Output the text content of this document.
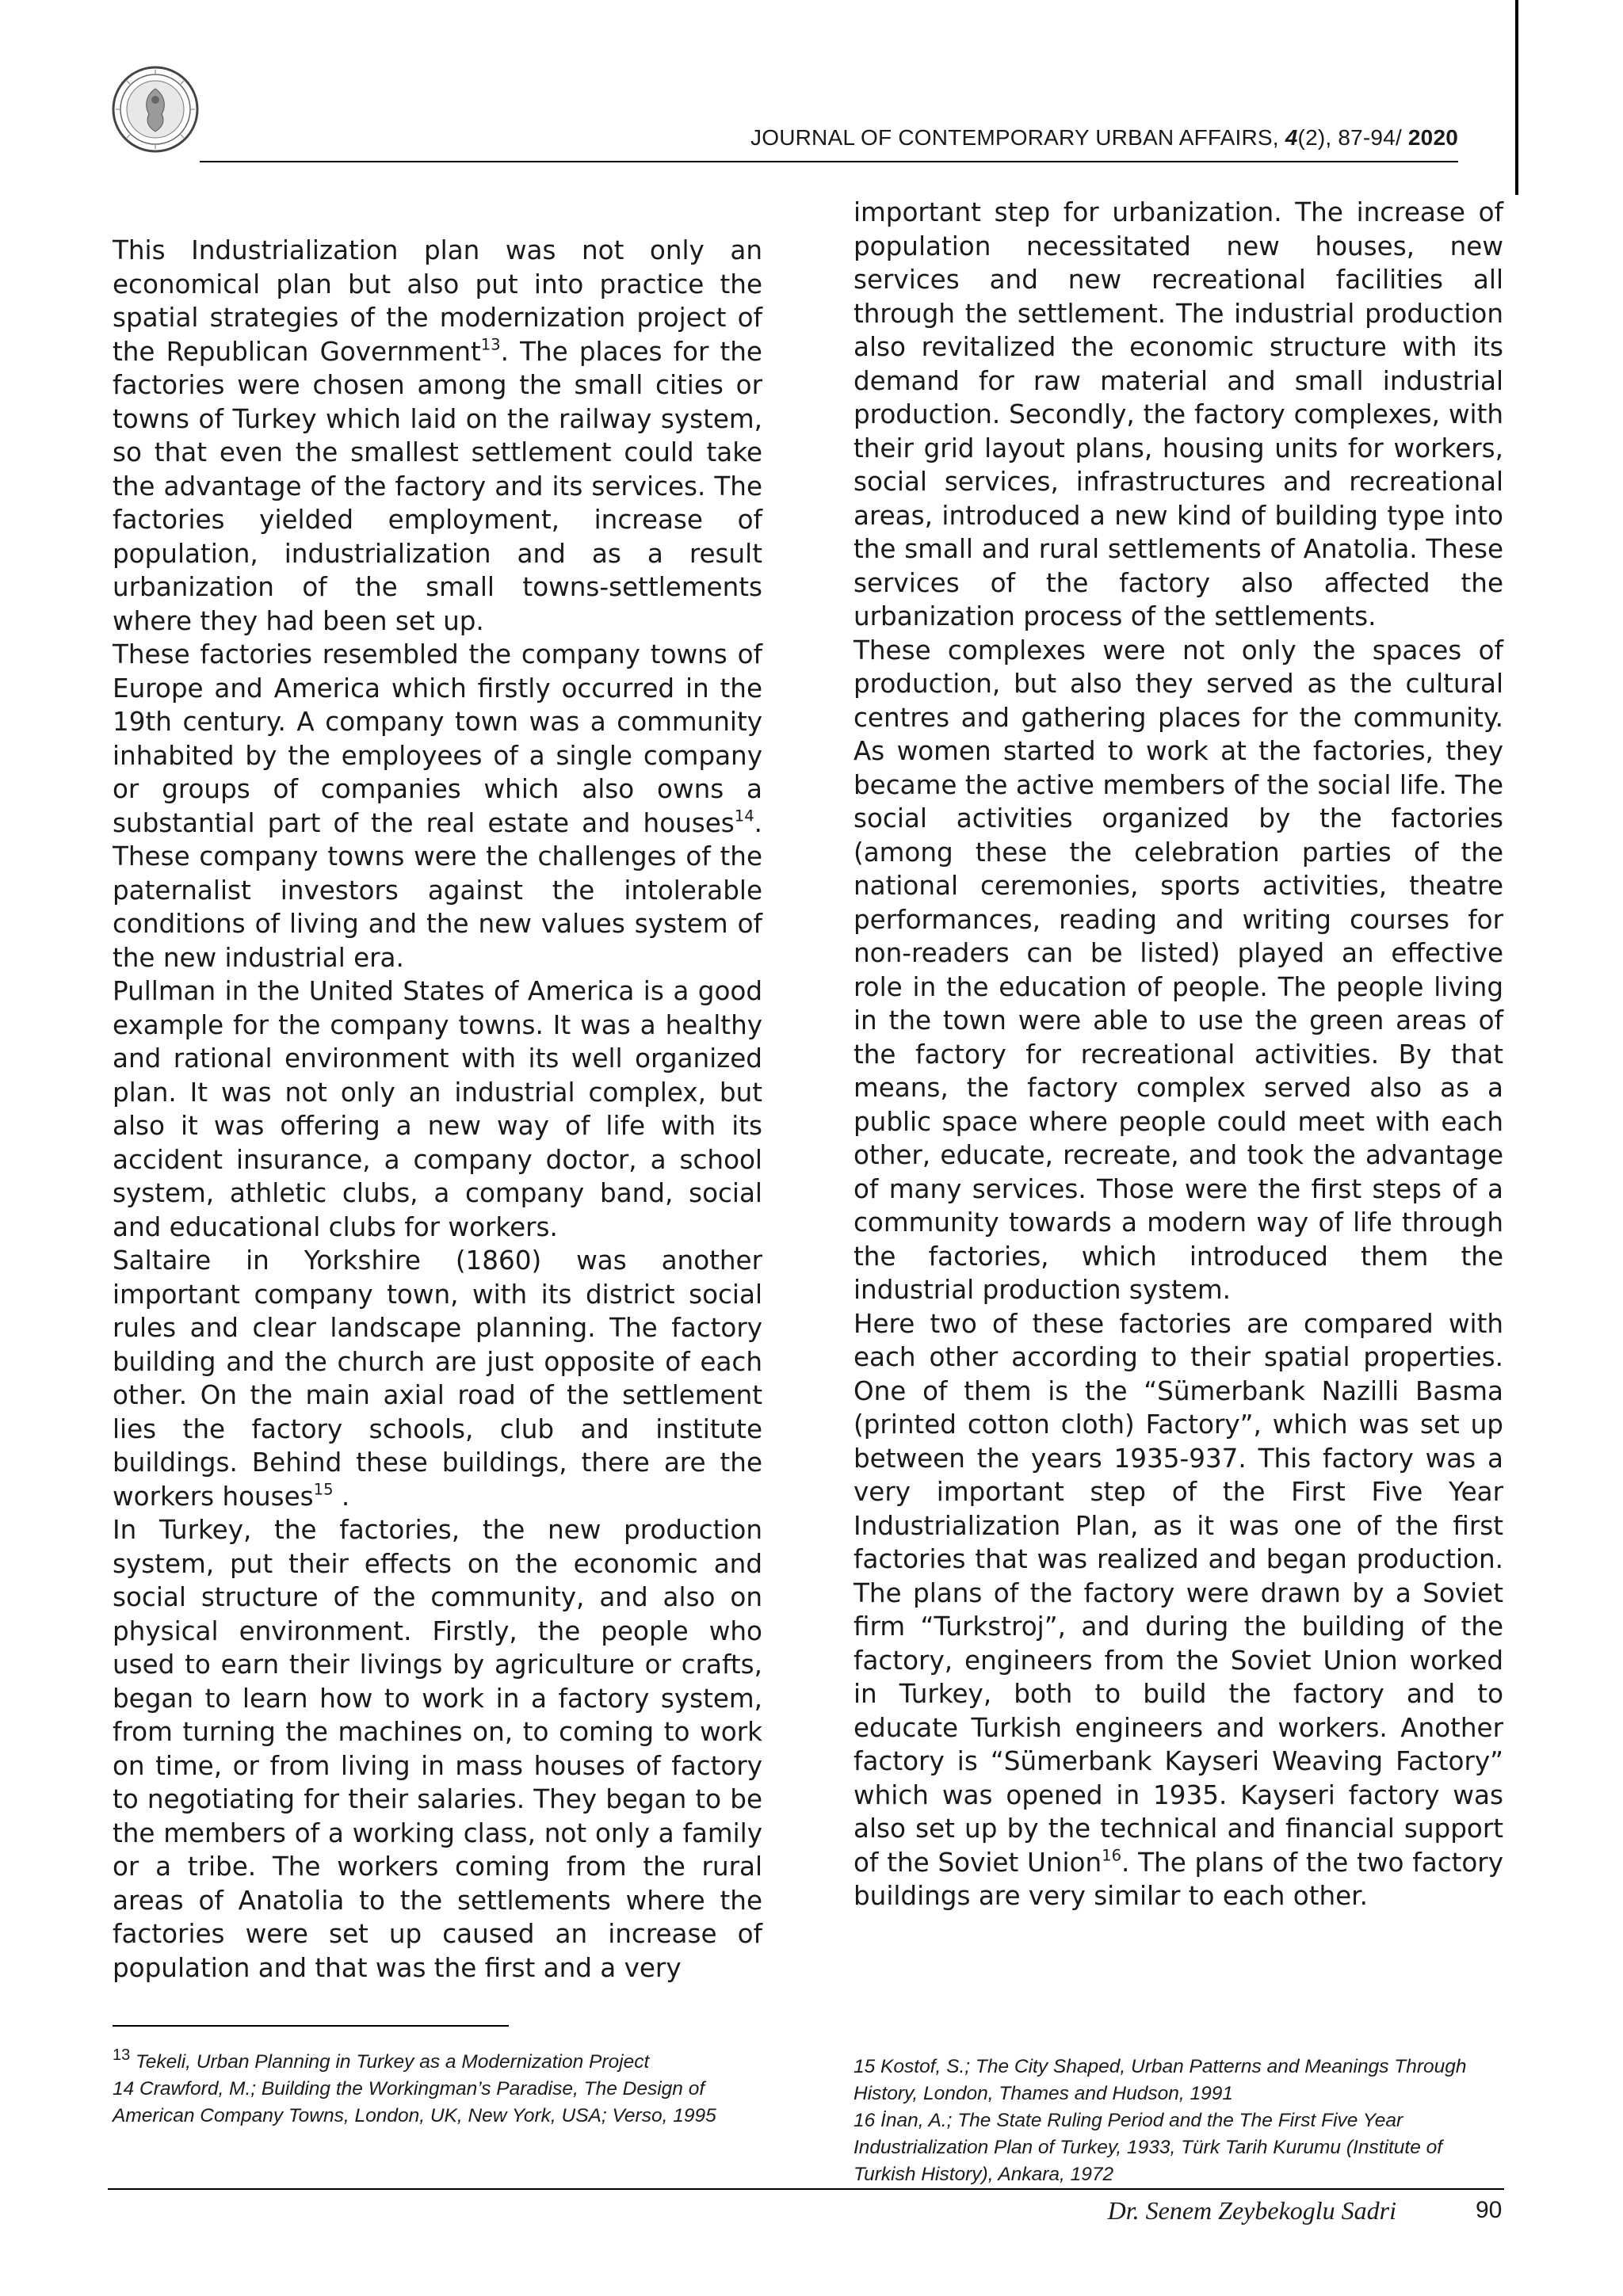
JOURNAL OF CONTEMPORARY URBAN AFFAIRS, 4(2), 87-94/ 2020

This Industrialization plan was not only an economical plan but also put into practice the spatial strategies of the modernization project of the Republican Government$^{13}$. The places for the factories were chosen among the small cities or towns of Turkey which laid on the railway system, so that even the smallest settlement could take the advantage of the factory and its services. The factories yielded employment, increase of population, industrialization and as a result urbanization of the small towns-settlements where they had been set up.

These factories resembled the company towns of Europe and America which firstly occurred in the 19th century. A company town was a community inhabited by the employees of a single company or groups of companies which also owns a substantial part of the real estate and houses$^{14}$. These company towns were the challenges of the paternalist investors against the intolerable conditions of living and the new values system of the new industrial era.

Pullman in the United States of America is a good example for the company towns. It was a healthy and rational environment with its well organized plan. It was not only an industrial complex, but also it was offering a new way of life with its accident insurance, a company doctor, a school system, athletic clubs, a company band, social and educational clubs for workers.

Saltaire in Yorkshire (1860) was another important company town, with its district social rules and clear landscape planning. The factory building and the church are just opposite of each other. On the main axial road of the settlement lies the factory schools, club and institute buildings. Behind these buildings, there are the workers houses$^{15}$ .

In Turkey, the factories, the new production system, put their effects on the economic and social structure of the community, and also on physical environment. Firstly, the people who used to earn their livings by agriculture or crafts, began to learn how to work in a factory system, from turning the machines on, to coming to work on time, or from living in mass houses of factory to negotiating for their salaries. They began to be the members of a working class, not only a family or a tribe. The workers coming from the rural areas of Anatolia to the settlements where the factories were set up caused an increase of population and that was the first and a very

important step for urbanization. The increase of population necessitated new houses, new services and new recreational facilities all through the settlement. The industrial production also revitalized the economic structure with its demand for raw material and small industrial production. Secondly, the factory complexes, with their grid layout plans, housing units for workers, social services, infrastructures and recreational areas, introduced a new kind of building type into the small and rural settlements of Anatolia. These services of the factory also affected the urbanization process of the settlements.

These complexes were not only the spaces of production, but also they served as the cultural centres and gathering places for the community. As women started to work at the factories, they became the active members of the social life. The social activities organized by the factories (among these the celebration parties of the national ceremonies, sports activities, theatre performances, reading and writing courses for non-readers can be listed) played an effective role in the education of people. The people living in the town were able to use the green areas of the factory for recreational activities. By that means, the factory complex served also as a public space where people could meet with each other, educate, recreate, and took the advantage of many services. Those were the first steps of a community towards a modern way of life through the factories, which introduced them the industrial production system.

Here two of these factories are compared with each other according to their spatial properties. One of them is the “Sümerbank Nazilli Basma (printed cotton cloth) Factory”, which was set up between the years 1935-937. This factory was a very important step of the First Five Year Industrialization Plan, as it was one of the first factories that was realized and began production. The plans of the factory were drawn by a Soviet firm “Turkstroj”, and during the building of the factory, engineers from the Soviet Union worked in Turkey, both to build the factory and to educate Turkish engineers and workers. Another factory is “Sümerbank Kayseri Weaving Factory” which was opened in 1935. Kayseri factory was also set up by the technical and financial support of the Soviet Union$^{16}$. The plans of the two factory buildings are very similar to each other.

$^{13}$ Tekeli, Urban Planning in Turkey as a Modernization Project

14 Crawford, M.; Building the Workingman’s Paradise, The Design of American Company Towns, London, UK, New York, USA; Verso, 1995

15 Kostof, S.; The City Shaped, Urban Patterns and Meanings Through History, London, Thames and Hudson, 1991

16 İnan, A.; The State Ruling Period and the The First Five Year Industrialization Plan of Turkey, 1933, Türk Tarih Kurumu (Institute of Turkish History), Ankara, 1972

Dr. Senem Zeybekoglu Sadri	90
